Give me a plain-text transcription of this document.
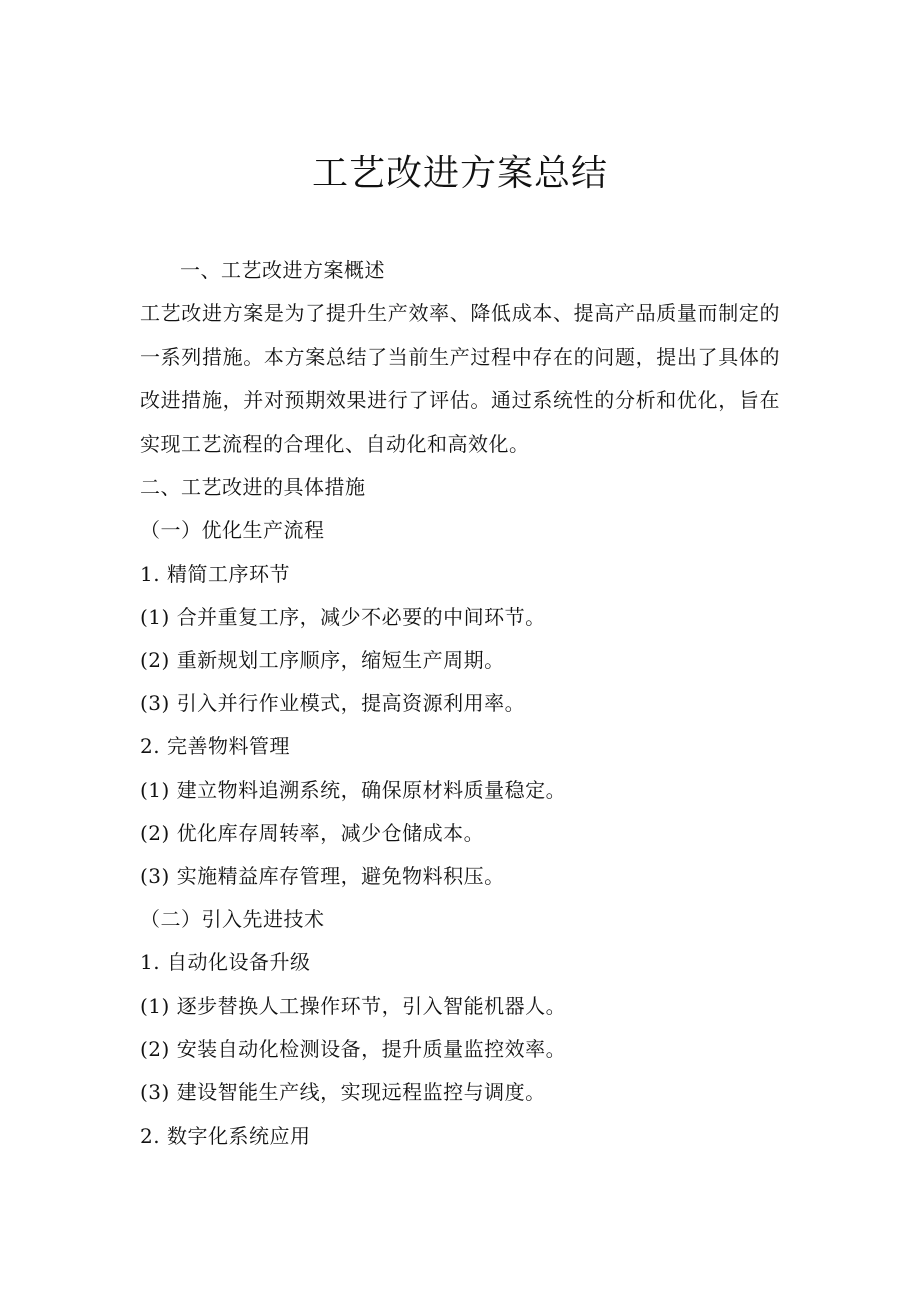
工艺改进方案总结

一、工艺改进方案概述

工艺改进方案是为了提升生产效率、降低成本、提高产品质量而制定的一系列措施。本方案总结了当前生产过程中存在的问题，提出了具体的改进措施，并对预期效果进行了评估。通过系统性的分析和优化，旨在实现工艺流程的合理化、自动化和高效化。

二、工艺改进的具体措施

（一）优化生产流程

1. 精简工序环节

(1) 合并重复工序，减少不必要的中间环节。

(2) 重新规划工序顺序，缩短生产周期。

(3) 引入并行作业模式，提高资源利用率。

2. 完善物料管理

(1) 建立物料追溯系统，确保原材料质量稳定。

(2) 优化库存周转率，减少仓储成本。

(3) 实施精益库存管理，避免物料积压。

（二）引入先进技术

1. 自动化设备升级

(1) 逐步替换人工操作环节，引入智能机器人。

(2) 安装自动化检测设备，提升质量监控效率。

(3) 建设智能生产线，实现远程监控与调度。

2. 数字化系统应用
